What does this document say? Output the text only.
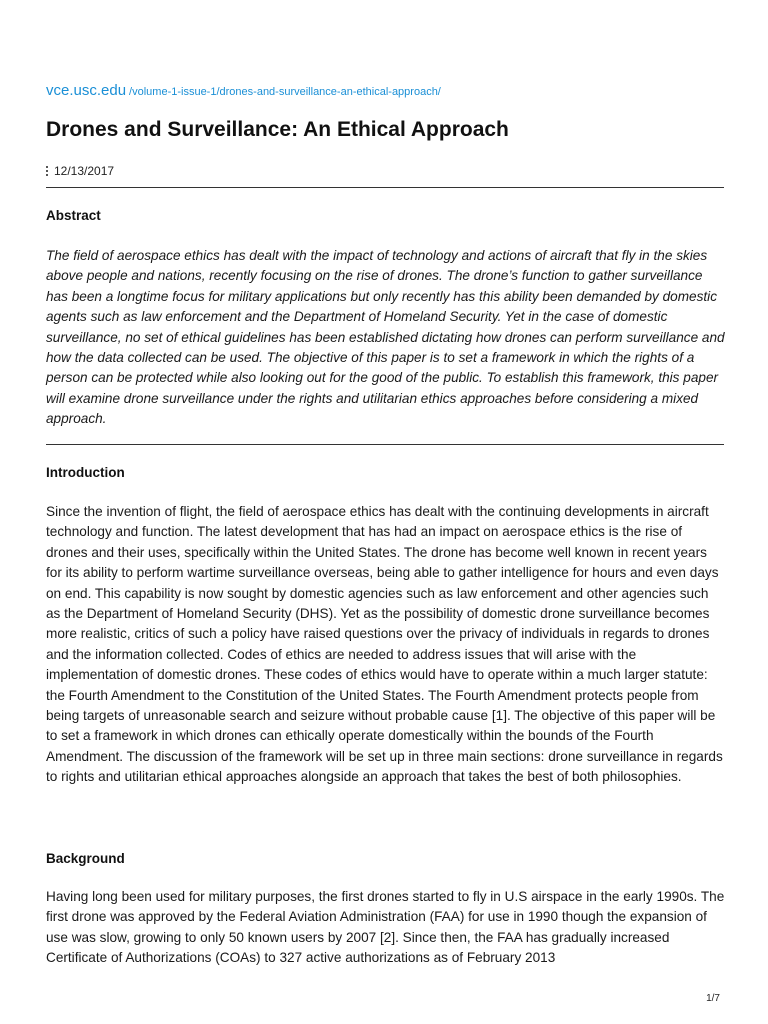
vce.usc.edu /volume-1-issue-1/drones-and-surveillance-an-ethical-approach/
Drones and Surveillance: An Ethical Approach
12/13/2017
Abstract

The field of aerospace ethics has dealt with the impact of technology and actions of aircraft that fly in the skies above people and nations, recently focusing on the rise of drones. The drone’s function to gather surveillance has been a longtime focus for military applications but only recently has this ability been demanded by domestic agents such as law enforcement and the Department of Homeland Security. Yet in the case of domestic surveillance, no set of ethical guidelines has been established dictating how drones can perform surveillance and how the data collected can be used. The objective of this paper is to set a framework in which the rights of a person can be protected while also looking out for the good of the public. To establish this framework, this paper will examine drone surveillance under the rights and utilitarian ethics approaches before considering a mixed approach.

Introduction

Since the invention of flight, the field of aerospace ethics has dealt with the continuing developments in aircraft technology and function. The latest development that has had an impact on aerospace ethics is the rise of drones and their uses, specifically within the United States. The drone has become well known in recent years for its ability to perform wartime surveillance overseas, being able to gather intelligence for hours and even days on end. This capability is now sought by domestic agencies such as law enforcement and other agencies such as the Department of Homeland Security (DHS). Yet as the possibility of domestic drone surveillance becomes more realistic, critics of such a policy have raised questions over the privacy of individuals in regards to drones and the information collected. Codes of ethics are needed to address issues that will arise with the implementation of domestic drones. These codes of ethics would have to operate within a much larger statute: the Fourth Amendment to the Constitution of the United States. The Fourth Amendment protects people from being targets of unreasonable search and seizure without probable cause [1]. The objective of this paper will be to set a framework in which drones can ethically operate domestically within the bounds of the Fourth Amendment. The discussion of the framework will be set up in three main sections: drone surveillance in regards to rights and utilitarian ethical approaches alongside an approach that takes the best of both philosophies.

Background

Having long been used for military purposes, the first drones started to fly in U.S airspace in the early 1990s. The first drone was approved by the Federal Aviation Administration (FAA) for use in 1990 though the expansion of use was slow, growing to only 50 known users by 2007 [2]. Since then, the FAA has gradually increased Certificate of Authorizations (COAs) to 327 active authorizations as of February 2013

1/7
